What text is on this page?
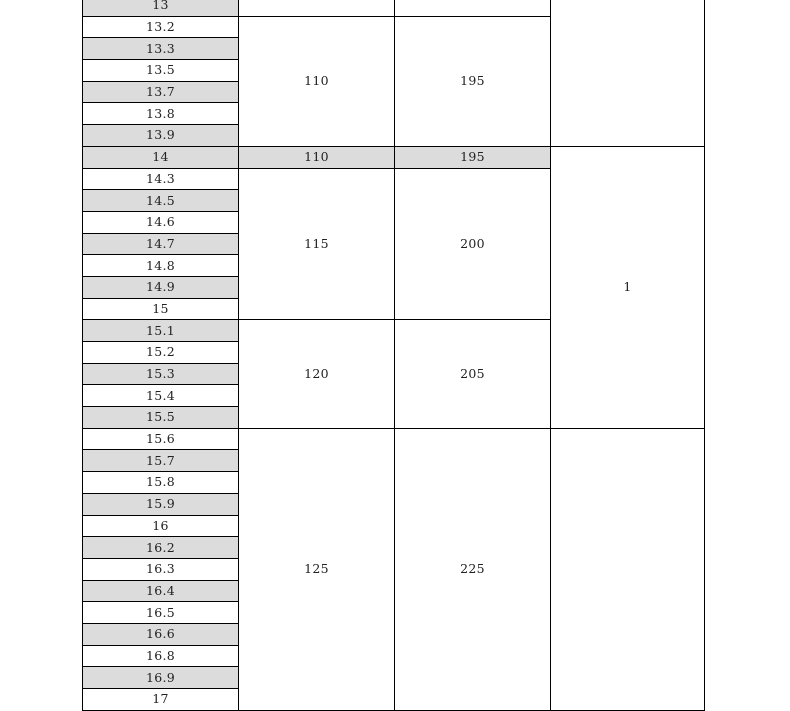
13			
13.2	110	195	
13.3			
13.5			
13.7			
13.8			
13.9			
14	110	195	1
14.3	115	200	
14.5			
14.6			
14.7			
14.8			
14.9			
15			
15.1	120	205	
15.2			
15.3			
15.4			
15.5			
15.6	125	225	
15.7			
15.8			
15.9			
16			
16.2			
16.3			
16.4			
16.5			
16.6			
16.8			
16.9			
17			
